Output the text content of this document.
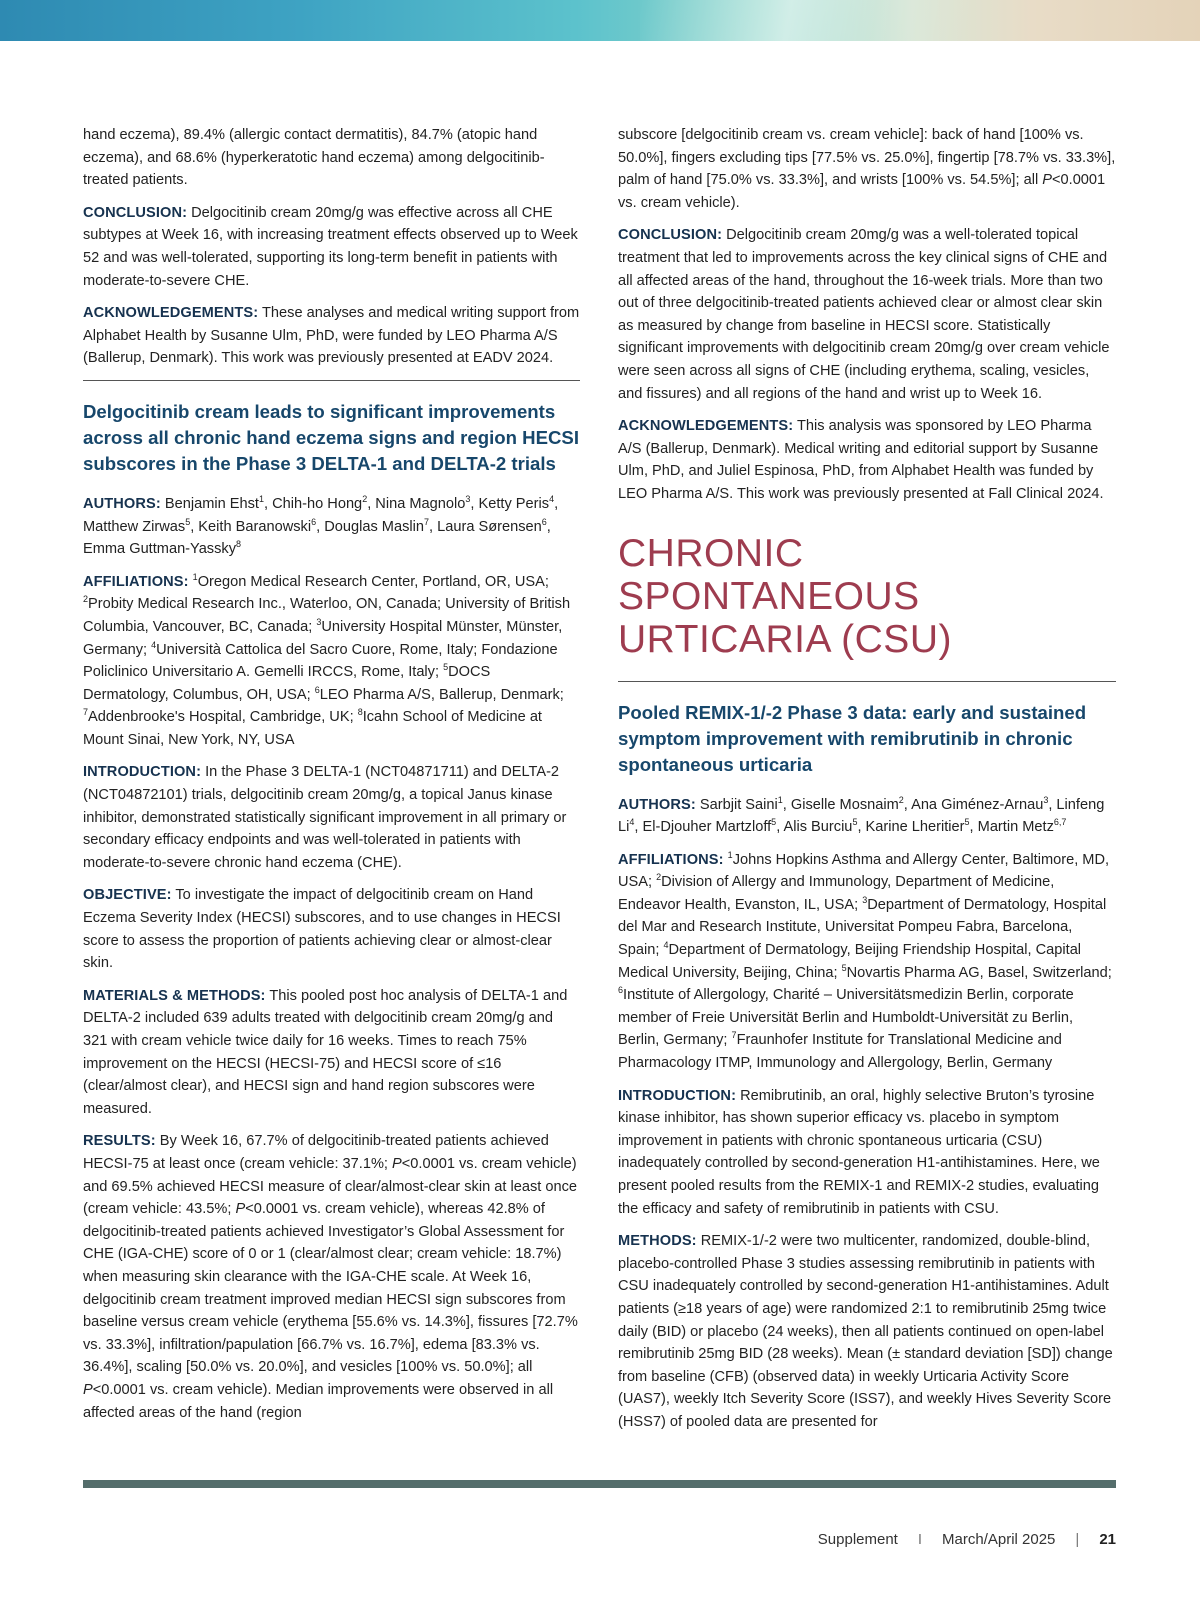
hand eczema), 89.4% (allergic contact dermatitis), 84.7% (atopic hand eczema), and 68.6% (hyperkeratotic hand eczema) among delgocitinib-treated patients.

CONCLUSION: Delgocitinib cream 20mg/g was effective across all CHE subtypes at Week 16, with increasing treatment effects observed up to Week 52 and was well-tolerated, supporting its long-term benefit in patients with moderate-to-severe CHE.

ACKNOWLEDGEMENTS: These analyses and medical writing support from Alphabet Health by Susanne Ulm, PhD, were funded by LEO Pharma A/S (Ballerup, Denmark). This work was previously presented at EADV 2024.

Delgocitinib cream leads to significant improvements across all chronic hand eczema signs and region HECSI subscores in the Phase 3 DELTA-1 and DELTA-2 trials

AUTHORS: Benjamin Ehst$^1$, Chih-ho Hong$^2$, Nina Magnolo$^3$, Ketty Peris$^4$, Matthew Zirwas$^5$, Keith Baranowski$^6$, Douglas Maslin$^7$, Laura Sørensen$^6$, Emma Guttman-Yassky$^8$

AFFILIATIONS: $^1$Oregon Medical Research Center, Portland, OR, USA; $^2$Probity Medical Research Inc., Waterloo, ON, Canada; University of British Columbia, Vancouver, BC, Canada; $^3$University Hospital Münster, Münster, Germany; $^4$Università Cattolica del Sacro Cuore, Rome, Italy; Fondazione Policlinico Universitario A. Gemelli IRCCS, Rome, Italy; $^5$DOCS Dermatology, Columbus, OH, USA; $^6$LEO Pharma A/S, Ballerup, Denmark; $^7$Addenbrooke's Hospital, Cambridge, UK; $^8$Icahn School of Medicine at Mount Sinai, New York, NY, USA

INTRODUCTION: In the Phase 3 DELTA-1 (NCT04871711) and DELTA-2 (NCT04872101) trials, delgocitinib cream 20mg/g, a topical Janus kinase inhibitor, demonstrated statistically significant improvement in all primary or secondary efficacy endpoints and was well-tolerated in patients with moderate-to-severe chronic hand eczema (CHE).

OBJECTIVE: To investigate the impact of delgocitinib cream on Hand Eczema Severity Index (HECSI) subscores, and to use changes in HECSI score to assess the proportion of patients achieving clear or almost-clear skin.

MATERIALS & METHODS: This pooled post hoc analysis of DELTA-1 and DELTA-2 included 639 adults treated with delgocitinib cream 20mg/g and 321 with cream vehicle twice daily for 16 weeks. Times to reach 75% improvement on the HECSI (HECSI-75) and HECSI score of ≤16 (clear/almost clear), and HECSI sign and hand region subscores were measured.

RESULTS: By Week 16, 67.7% of delgocitinib-treated patients achieved HECSI-75 at least once (cream vehicle: 37.1%; P<0.0001 vs. cream vehicle) and 69.5% achieved HECSI measure of clear/almost-clear skin at least once (cream vehicle: 43.5%; P<0.0001 vs. cream vehicle), whereas 42.8% of delgocitinib-treated patients achieved Investigator’s Global Assessment for CHE (IGA-CHE) score of 0 or 1 (clear/almost clear; cream vehicle: 18.7%) when measuring skin clearance with the IGA-CHE scale. At Week 16, delgocitinib cream treatment improved median HECSI sign subscores from baseline versus cream vehicle (erythema [55.6% vs. 14.3%], fissures [72.7% vs. 33.3%], infiltration/papulation [66.7% vs. 16.7%], edema [83.3% vs. 36.4%], scaling [50.0% vs. 20.0%], and vesicles [100% vs. 50.0%]; all P<0.0001 vs. cream vehicle). Median improvements were observed in all affected areas of the hand (region

subscore [delgocitinib cream vs. cream vehicle]: back of hand [100% vs. 50.0%], fingers excluding tips [77.5% vs. 25.0%], fingertip [78.7% vs. 33.3%], palm of hand [75.0% vs. 33.3%], and wrists [100% vs. 54.5%]; all P<0.0001 vs. cream vehicle).

CONCLUSION: Delgocitinib cream 20mg/g was a well-tolerated topical treatment that led to improvements across the key clinical signs of CHE and all affected areas of the hand, throughout the 16-week trials. More than two out of three delgocitinib-treated patients achieved clear or almost clear skin as measured by change from baseline in HECSI score. Statistically significant improvements with delgocitinib cream 20mg/g over cream vehicle were seen across all signs of CHE (including erythema, scaling, vesicles, and fissures) and all regions of the hand and wrist up to Week 16.

ACKNOWLEDGEMENTS: This analysis was sponsored by LEO Pharma A/S (Ballerup, Denmark). Medical writing and editorial support by Susanne Ulm, PhD, and Juliel Espinosa, PhD, from Alphabet Health was funded by LEO Pharma A/S. This work was previously presented at Fall Clinical 2024.

CHRONIC SPONTANEOUS URTICARIA (CSU)
Pooled REMIX-1/-2 Phase 3 data: early and sustained symptom improvement with remibrutinib in chronic spontaneous urticaria

AUTHORS: Sarbjit Saini$^1$, Giselle Mosnaim$^2$, Ana Giménez-Arnau$^3$, Linfeng Li$^4$, El-Djouher Martzloff$^5$, Alis Burciu$^5$, Karine Lheritier$^5$, Martin Metz$^{6,7}$

AFFILIATIONS: $^1$Johns Hopkins Asthma and Allergy Center, Baltimore, MD, USA; $^2$Division of Allergy and Immunology, Department of Medicine, Endeavor Health, Evanston, IL, USA; $^3$Department of Dermatology, Hospital del Mar and Research Institute, Universitat Pompeu Fabra, Barcelona, Spain; $^4$Department of Dermatology, Beijing Friendship Hospital, Capital Medical University, Beijing, China; $^5$Novartis Pharma AG, Basel, Switzerland; $^6$Institute of Allergology, Charité – Universitätsmedizin Berlin, corporate member of Freie Universität Berlin and Humboldt-Universität zu Berlin, Berlin, Germany; $^7$Fraunhofer Institute for Translational Medicine and Pharmacology ITMP, Immunology and Allergology, Berlin, Germany

INTRODUCTION: Remibrutinib, an oral, highly selective Bruton’s tyrosine kinase inhibitor, has shown superior efficacy vs. placebo in symptom improvement in patients with chronic spontaneous urticaria (CSU) inadequately controlled by second-generation H1-antihistamines. Here, we present pooled results from the REMIX-1 and REMIX-2 studies, evaluating the efficacy and safety of remibrutinib in patients with CSU.

METHODS: REMIX-1/-2 were two multicenter, randomized, double-blind, placebo-controlled Phase 3 studies assessing remibrutinib in patients with CSU inadequately controlled by second-generation H1-antihistamines. Adult patients (≥18 years of age) were randomized 2:1 to remibrutinib 25mg twice daily (BID) or placebo (24 weeks), then all patients continued on open-label remibrutinib 25mg BID (28 weeks). Mean (± standard deviation [SD]) change from baseline (CFB) (observed data) in weekly Urticaria Activity Score (UAS7), weekly Itch Severity Score (ISS7), and weekly Hives Severity Score (HSS7) of pooled data are presented for

Supplement I March/April 2025 | 21
